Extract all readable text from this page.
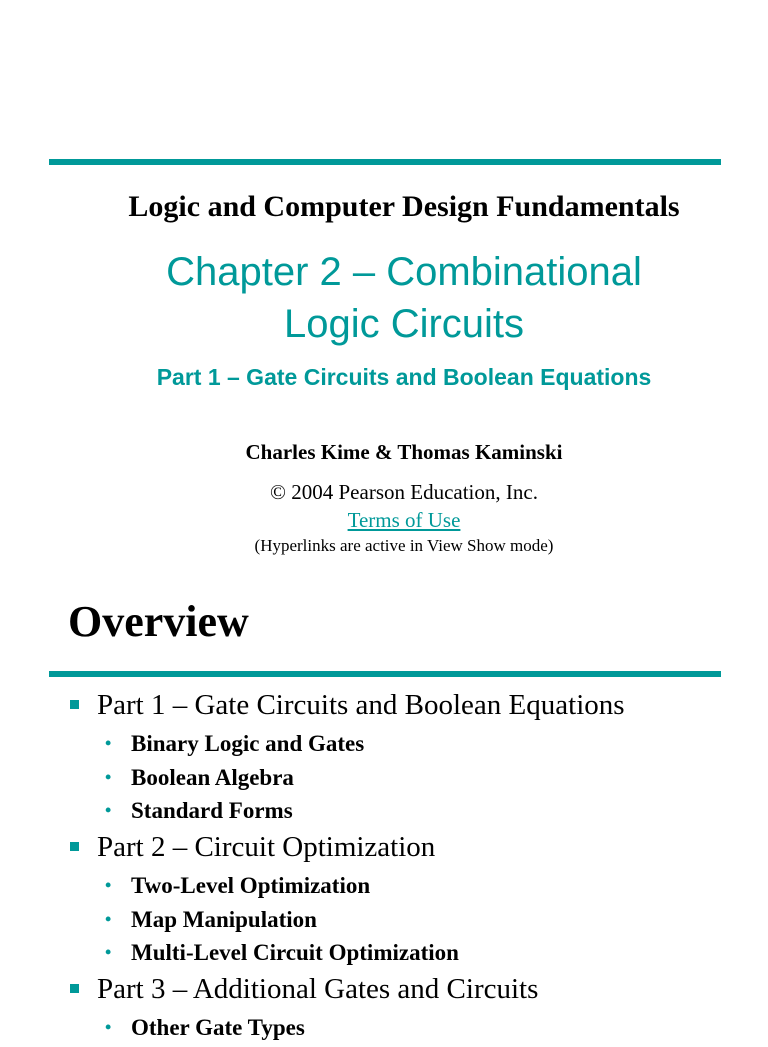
Logic and Computer Design Fundamentals
Chapter 2 – Combinational
Logic Circuits
Part 1 – Gate Circuits and Boolean Equations
Charles Kime & Thomas Kaminski
© 2004 Pearson Education, Inc.
Terms of Use
(Hyperlinks are active in View Show mode)
Overview
Part 1 – Gate Circuits and Boolean Equations
• Binary Logic and Gates
• Boolean Algebra
• Standard Forms
Part 2 – Circuit Optimization
• Two-Level Optimization
• Map Manipulation
• Multi-Level Circuit Optimization
Part 3 – Additional Gates and Circuits
• Other Gate Types
